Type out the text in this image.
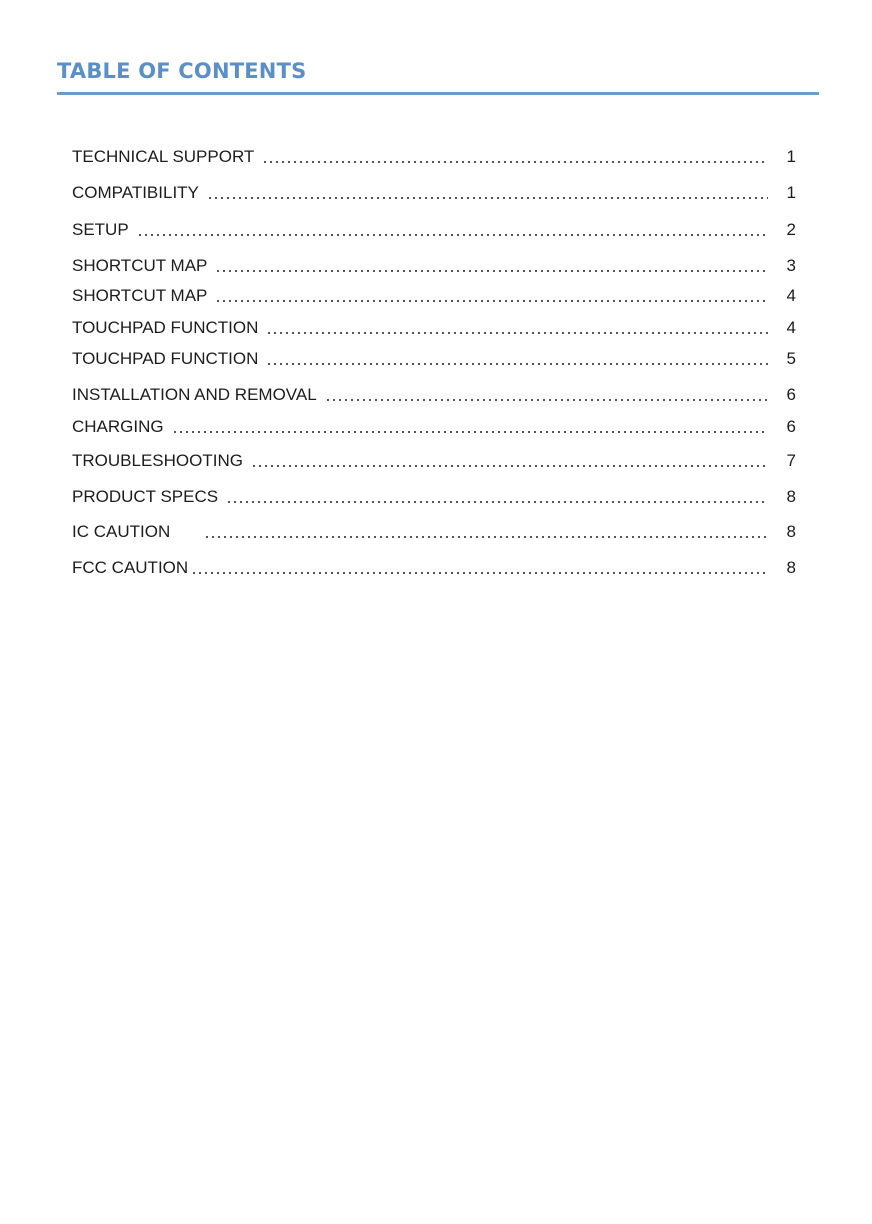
TABLE OF CONTENTS
TECHNICAL SUPPORT	1
COMPATIBILITY	1
SETUP	2
SHORTCUT MAP	3
SHORTCUT MAP	4
TOUCHPAD FUNCTION	4
TOUCHPAD FUNCTION	5
INSTALLATION AND REMOVAL	6
CHARGING	6
TROUBLESHOOTING	7
PRODUCT SPECS	8
IC CAUTION	8
FCC CAUTION	8
